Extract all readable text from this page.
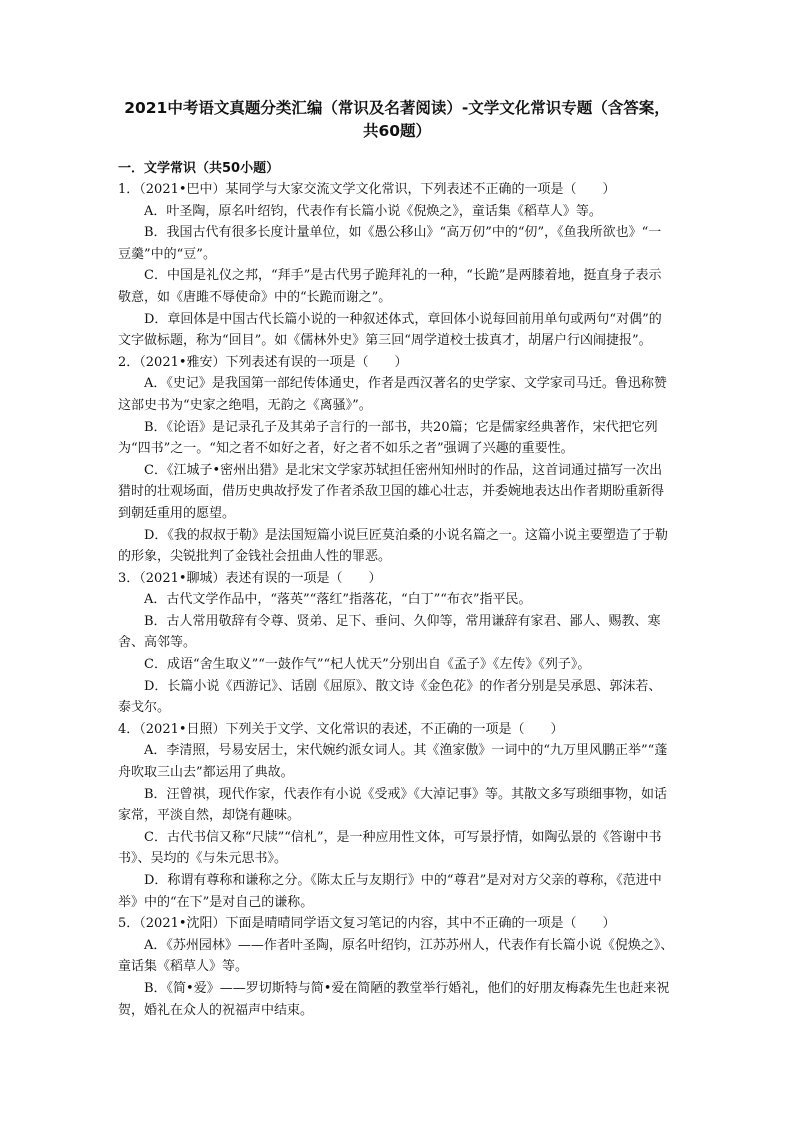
2021中考语文真题分类汇编（常识及名著阅读）-文学文化常识专题（含答案，
共60题）

一．文学常识（共50小题）

1．（2021•巴中）某同学与大家交流文学文化常识，下列表述不正确的一项是（　　）

A．叶圣陶，原名叶绍钧，代表作有长篇小说《倪焕之》，童话集《稻草人》等。

B．我国古代有很多长度计量单位，如《愚公移山》“高万仞”中的“仞”，《鱼我所欲也》“一豆羹”中的“豆”。

C．中国是礼仪之邦，“拜手”是古代男子跪拜礼的一种，“长跪”是两膝着地，挺直身子表示敬意，如《唐雎不辱使命》中的“长跪而谢之”。

D．章回体是中国古代长篇小说的一种叙述体式，章回体小说每回前用单句或两句“对偶”的文字做标题，称为“回目”。如《儒林外史》第三回“周学道校士拔真才，胡屠户行凶闹捷报”。

2．（2021•雅安）下列表述有误的一项是（　　）

A．《史记》是我国第一部纪传体通史，作者是西汉著名的史学家、文学家司马迁。鲁迅称赞这部史书为“史家之绝唱，无韵之《离骚》”。

B．《论语》是记录孔子及其弟子言行的一部书，共20篇；它是儒家经典著作，宋代把它列为“四书”之一。“知之者不如好之者，好之者不如乐之者”强调了兴趣的重要性。

C．《江城子•密州出猎》是北宋文学家苏轼担任密州知州时的作品，这首词通过描写一次出猎时的壮观场面，借历史典故抒发了作者杀敌卫国的雄心壮志，并委婉地表达出作者期盼重新得到朝廷重用的愿望。

D．《我的叔叔于勒》是法国短篇小说巨匠莫泊桑的小说名篇之一。这篇小说主要塑造了于勒的形象，尖锐批判了金钱社会扭曲人性的罪恶。

3．（2021•聊城）表述有误的一项是（　　）

A．古代文学作品中，“落英”“落红”指落花，“白丁”“布衣”指平民。

B．古人常用敬辞有令尊、贤弟、足下、垂问、久仰等，常用谦辞有家君、鄙人、赐教、寒舍、高邻等。

C．成语“舍生取义”“一鼓作气”“杞人忧天”分别出自《孟子》《左传》《列子》。

D．长篇小说《西游记》、话剧《屈原》、散文诗《金色花》的作者分别是吴承恩、郭沫若、泰戈尔。

4．（2021•日照）下列关于文学、文化常识的表述，不正确的一项是（　　）

A．李清照，号易安居士，宋代婉约派女词人。其《渔家傲》一词中的“九万里风鹏正举”“蓬舟吹取三山去”都运用了典故。

B．汪曾祺，现代作家，代表作有小说《受戒》《大淖记事》等。其散文多写琐细事物，如话家常，平淡自然，却饶有趣味。

C．古代书信又称“尺牍”“信札”，是一种应用性文体，可写景抒情，如陶弘景的《答谢中书书》、吴均的《与朱元思书》。

D．称谓有尊称和谦称之分。《陈太丘与友期行》中的“尊君”是对对方父亲的尊称，《范进中举》中的“在下”是对自己的谦称。

5．（2021•沈阳）下面是晴晴同学语文复习笔记的内容，其中不正确的一项是（　　）

A．《苏州园林》——作者叶圣陶，原名叶绍钧，江苏苏州人，代表作有长篇小说《倪焕之》、童话集《稻草人》等。

B．《简•爱》——罗切斯特与简•爱在简陋的教堂举行婚礼，他们的好朋友梅森先生也赶来祝贺，婚礼在众人的祝福声中结束。
